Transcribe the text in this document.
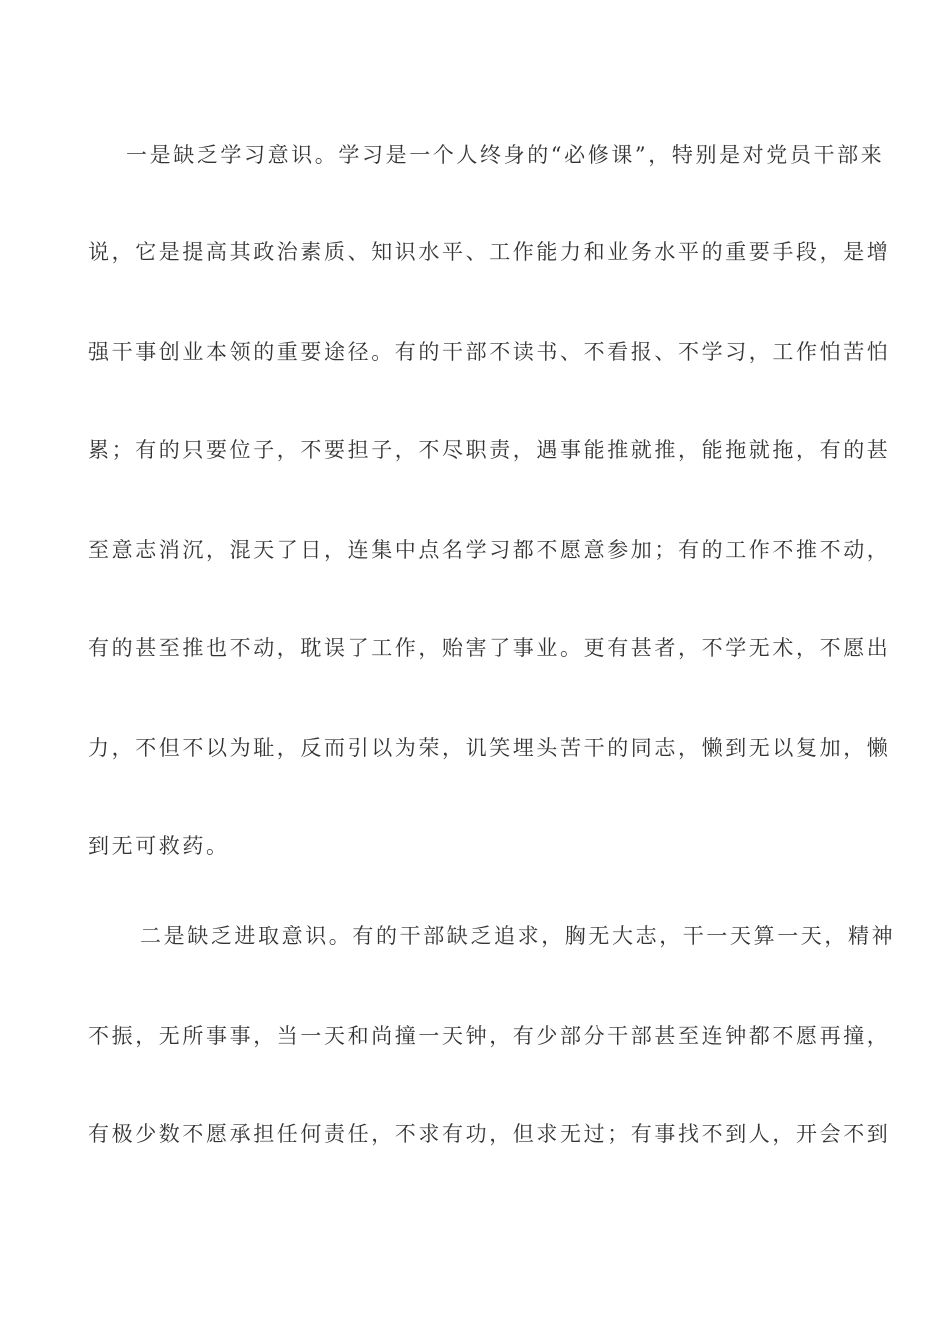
一是缺乏学习意识。学习是一个人终身的“必修课”，特别是对党员干部来
说，它是提高其政治素质、知识水平、工作能力和业务水平的重要手段，是增
强干事创业本领的重要途径。有的干部不读书、不看报、不学习，工作怕苦怕
累；有的只要位子，不要担子，不尽职责，遇事能推就推，能拖就拖，有的甚
至意志消沉，混天了日，连集中点名学习都不愿意参加；有的工作不推不动，
有的甚至推也不动，耽误了工作，贻害了事业。更有甚者，不学无术，不愿出
力，不但不以为耻，反而引以为荣，讥笑埋头苦干的同志，懒到无以复加，懒
到无可救药。
二是缺乏进取意识。有的干部缺乏追求，胸无大志，干一天算一天，精神
不振，无所事事，当一天和尚撞一天钟，有少部分干部甚至连钟都不愿再撞，
有极少数不愿承担任何责任，不求有功，但求无过；有事找不到人，开会不到
